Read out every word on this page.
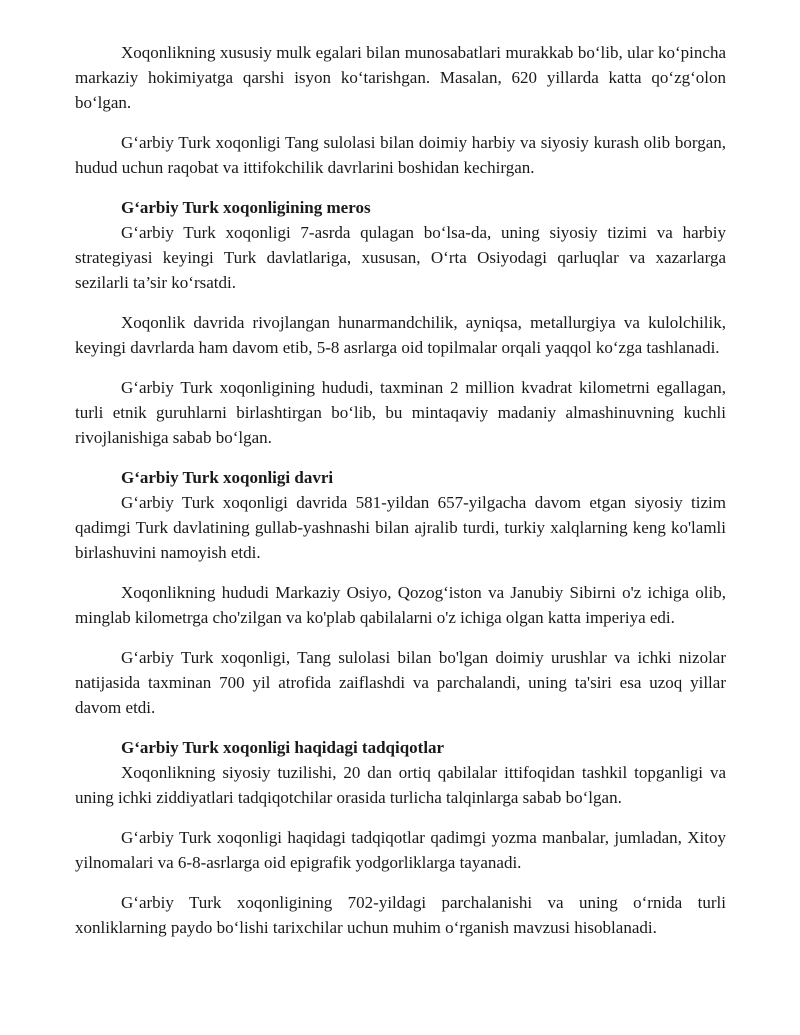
Xoqonlikning xususiy mulk egalari bilan munosabatlari murakkab bo‘lib, ular ko‘pincha markaziy hokimiyatga qarshi isyon ko‘tarishgan. Masalan, 620 yillarda katta qo‘zg‘olon bo‘lgan.

G‘arbiy Turk xoqonligi Tang sulolasi bilan doimiy harbiy va siyosiy kurash olib borgan, hudud uchun raqobat va ittifokchilik davrlarini boshidan kechirgan.

G‘arbiy Turk xoqonligining meros

G‘arbiy Turk xoqonligi 7-asrda qulagan bo‘lsa-da, uning siyosiy tizimi va harbiy strategiyasi keyingi Turk davlatlariga, xususan, O‘rta Osiyodagi qarluqlar va xazarlarga sezilarli ta’sir ko‘rsatdi.

Xoqonlik davrida rivojlangan hunarmandchilik, ayniqsa, metallurgiya va kulolchilik, keyingi davrlarda ham davom etib, 5-8 asrlarga oid topilmalar orqali yaqqol ko‘zga tashlanadi.

G‘arbiy Turk xoqonligining hududi, taxminan 2 million kvadrat kilometrni egallagan, turli etnik guruhlarni birlashtirgan bo‘lib, bu mintaqaviy madaniy almashinuvning kuchli rivojlanishiga sabab bo‘lgan.

G‘arbiy Turk xoqonligi davri

G‘arbiy Turk xoqonligi davrida 581-yildan 657-yilgacha davom etgan siyosiy tizim qadimgi Turk davlatining gullab-yashnashi bilan ajralib turdi, turkiy xalqlarning keng ko'lamli birlashuvini namoyish etdi.

Xoqonlikning hududi Markaziy Osiyo, Qozog‘iston va Janubiy Sibirni o'z ichiga olib, minglab kilometrga cho'zilgan va ko'plab qabilalarni o'z ichiga olgan katta imperiya edi.

G‘arbiy Turk xoqonligi, Tang sulolasi bilan bo'lgan doimiy urushlar va ichki nizolar natijasida taxminan 700 yil atrofida zaiflashdi va parchalandi, uning ta'siri esa uzoq yillar davom etdi.

G‘arbiy Turk xoqonligi haqidagi tadqiqotlar

Xoqonlikning siyosiy tuzilishi, 20 dan ortiq qabilalar ittifoqidan tashkil topganligi va uning ichki ziddiyatlari tadqiqotchilar orasida turlicha talqinlarga sabab bo‘lgan.

G‘arbiy Turk xoqonligi haqidagi tadqiqotlar qadimgi yozma manbalar, jumladan, Xitoy yilnomalari va 6-8-asrlarga oid epigrafik yodgorliklarga tayanadi.

G‘arbiy Turk xoqonligining 702-yildagi parchalanishi va uning o‘rnida turli xonliklarning paydo bo‘lishi tarixchilar uchun muhim o‘rganish mavzusi hisoblanadi.
